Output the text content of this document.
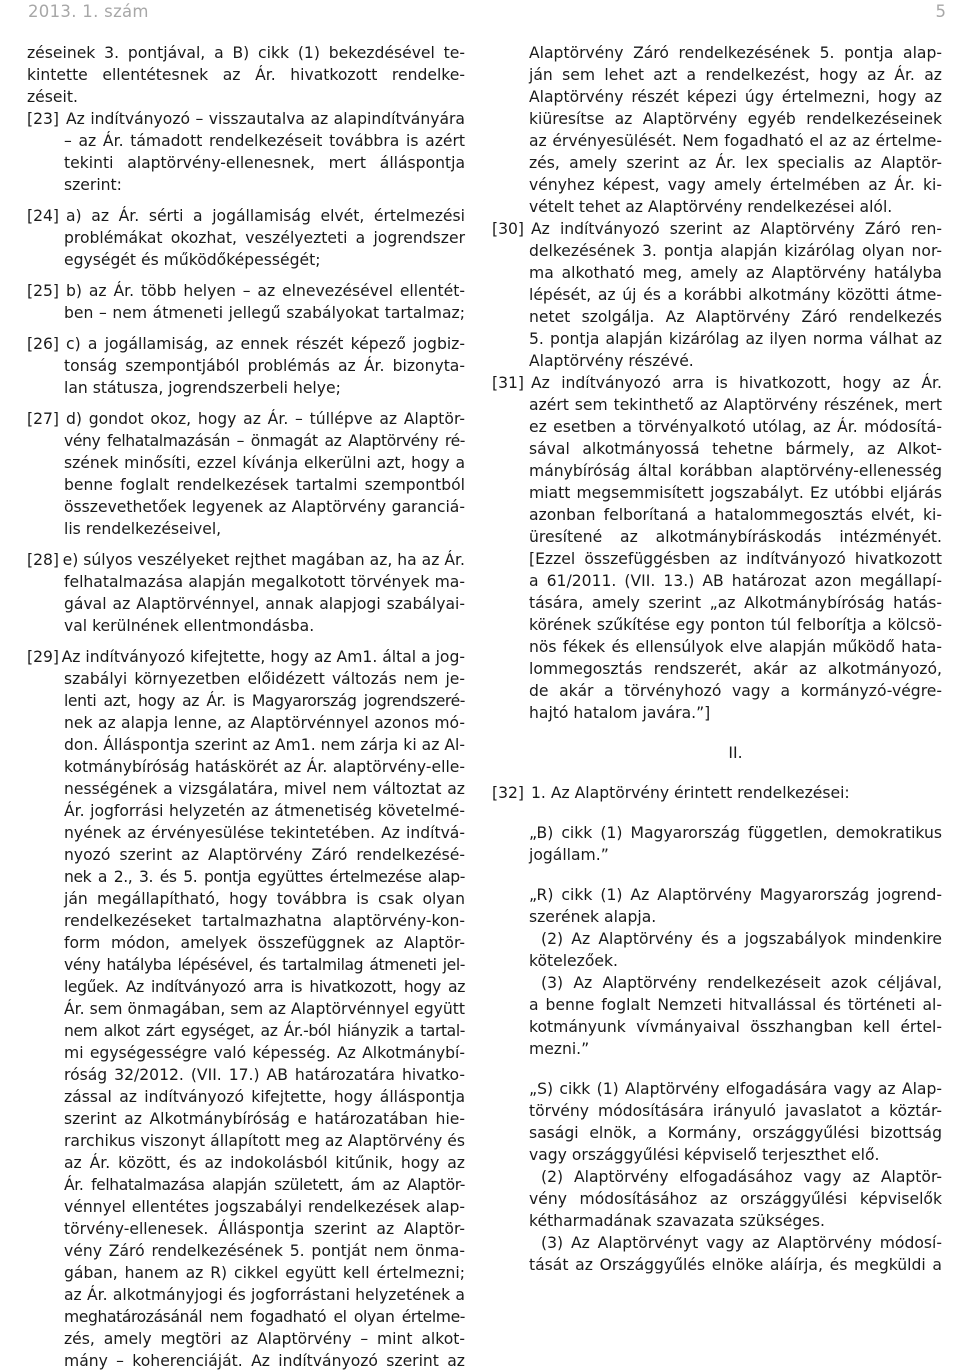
2013. 1. szám	5
zéseinek 3. pontjával, a B) cikk (1) bekezdésével te-
kintette ellentétesnek az Ár. hivatkozott rendelke-
zéseit.
[23] Az indítványozó – visszautalva az alapindítványára
– az Ár. támadott rendelkezéseit továbbra is azért
tekinti alaptörvény-ellenesnek, mert álláspontja
szerint:
[24] a) az Ár. sérti a jogállamiság elvét, értelmezési
problémákat okozhat, veszélyezteti a jogrendszer
egységét és működőképességét;
[25] b) az Ár. több helyen – az elnevezésével ellentét-
ben – nem átmeneti jellegű szabályokat tartalmaz;
[26] c) a jogállamiság, az ennek részét képező jogbiz-
tonság szempontjából problémás az Ár. bizonyta-
lan státusza, jogrendszerbeli helye;
[27] d) gondot okoz, hogy az Ár. – túllépve az Alaptör-
vény felhatalmazásán – önmagát az Alaptörvény ré-
szének minősíti, ezzel kívánja elkerülni azt, hogy a
benne foglalt rendelkezések tartalmi szempontból
összevethetőek legyenek az Alaptörvény garanciá-
lis rendelkezéseivel,
[28] e) súlyos veszélyeket rejthet magában az, ha az Ár.
felhatalmazása alapján megalkotott törvények ma-
gával az Alaptörvénnyel, annak alapjogi szabályai-
val kerülnének ellentmondásba.
[29] Az indítványozó kifejtette, hogy az Am1. által a jog-
szabályi környezetben előidézett változás nem je-
lenti azt, hogy az Ár. is Magyarország jogrendszeré-
nek az alapja lenne, az Alaptörvénnyel azonos mó-
don. Álláspontja szerint az Am1. nem zárja ki az Al-
kotmánybíróság hatáskörét az Ár. alaptörvény-elle-
nességének a vizsgálatára, mivel nem változtat az
Ár. jogforrási helyzetén az átmenetiség követelmé-
nyének az érvényesülése tekintetében. Az indítvá-
nyozó szerint az Alaptörvény Záró rendelkezésé-
nek a 2., 3. és 5. pontja együttes értelmezése alap-
ján megállapítható, hogy továbbra is csak olyan
rendelkezéseket tartalmazhatna alaptörvény-kon-
form módon, amelyek összefüggnek az Alaptör-
vény hatályba lépésével, és tartalmilag átmeneti jel-
legűek. Az indítványozó arra is hivatkozott, hogy az
Ár. sem önmagában, sem az Alaptörvénnyel együtt
nem alkot zárt egységet, az Ár.-ból hiányzik a tartal-
mi egységességre való képesség. Az Alkotmánybí-
róság 32/2012. (VII. 17.) AB határozatára hivatko-
zással az indítványozó kifejtette, hogy álláspontja
szerint az Alkotmánybíróság e határozatában hie-
rarchikus viszonyt állapított meg az Alaptörvény és
az Ár. között, és az indokolásból kitűnik, hogy az
Ár. felhatalmazása alapján született, ám az Alaptör-
vénnyel ellentétes jogszabályi rendelkezések alap-
törvény-ellenesek. Álláspontja szerint az Alaptör-
vény Záró rendelkezésének 5. pontját nem önma-
gában, hanem az R) cikkel együtt kell értelmezni;
az Ár. alkotmányjogi és jogforrástani helyzetének a
meghatározásánál nem fogadható el olyan értelme-
zés, amely megtöri az Alaptörvény – mint alkot-
mány – koherenciáját. Az indítványozó szerint az
Alaptörvény Záró rendelkezésének 5. pontja alap-
ján sem lehet azt a rendelkezést, hogy az Ár. az
Alaptörvény részét képezi úgy értelmezni, hogy az
kiüresítse az Alaptörvény egyéb rendelkezéseinek
az érvényesülését. Nem fogadható el az az értelme-
zés, amely szerint az Ár. lex specialis az Alaptör-
vényhez képest, vagy amely értelmében az Ár. ki-
vételt tehet az Alaptörvény rendelkezései alól.
[30] Az indítványozó szerint az Alaptörvény Záró ren-
delkezésének 3. pontja alapján kizárólag olyan nor-
ma alkotható meg, amely az Alaptörvény hatályba
lépését, az új és a korábbi alkotmány közötti átme-
netet szolgálja. Az Alaptörvény Záró rendelkezés
5. pontja alapján kizárólag az ilyen norma válhat az
Alaptörvény részévé.
[31] Az indítványozó arra is hivatkozott, hogy az Ár.
azért sem tekinthető az Alaptörvény részének, mert
ez esetben a törvényalkotó utólag, az Ár. módosítá-
sával alkotmányossá tehetne bármely, az Alkot-
mánybíróság által korábban alaptörvény-ellenesség
miatt megsemmisített jogszabályt. Ez utóbbi eljárás
azonban felborítaná a hatalommegosztás elvét, ki-
üresítené az alkotmánybíráskodás intézményét.
[Ezzel összefüggésben az indítványozó hivatkozott
a 61/2011. (VII. 13.) AB határozat azon megállapí-
tására, amely szerint „az Alkotmánybíróság hatás-
körének szűkítése egy ponton túl felborítja a kölcsö-
nös fékek és ellensúlyok elve alapján működő hata-
lommegosztás rendszerét, akár az alkotmányozó,
de akár a törvényhozó vagy a kormányzó-végre-
hajtó hatalom javára.”]
II.
[32] 1. Az Alaptörvény érintett rendelkezései:
„B) cikk (1) Magyarország független, demokratikus
jogállam.”
„R) cikk (1) Az Alaptörvény Magyarország jogrend-
szerének alapja.
(2) Az Alaptörvény és a jogszabályok mindenkire
kötelezőek.
(3) Az Alaptörvény rendelkezéseit azok céljával,
a benne foglalt Nemzeti hitvallással és történeti al-
kotmányunk vívmányaival összhangban kell értel-
mezni.”
„S) cikk (1) Alaptörvény elfogadására vagy az Alap-
törvény módosítására irányuló javaslatot a köztár-
sasági elnök, a Kormány, országgyűlési bizottság
vagy országgyűlési képviselő terjeszthet elő.
(2) Alaptörvény elfogadásához vagy az Alaptör-
vény módosításához az országgyűlési képviselők
kétharmadának szavazata szükséges.
(3) Az Alaptörvényt vagy az Alaptörvény módosí-
tását az Országgyűlés elnöke aláírja, és megküldi a
